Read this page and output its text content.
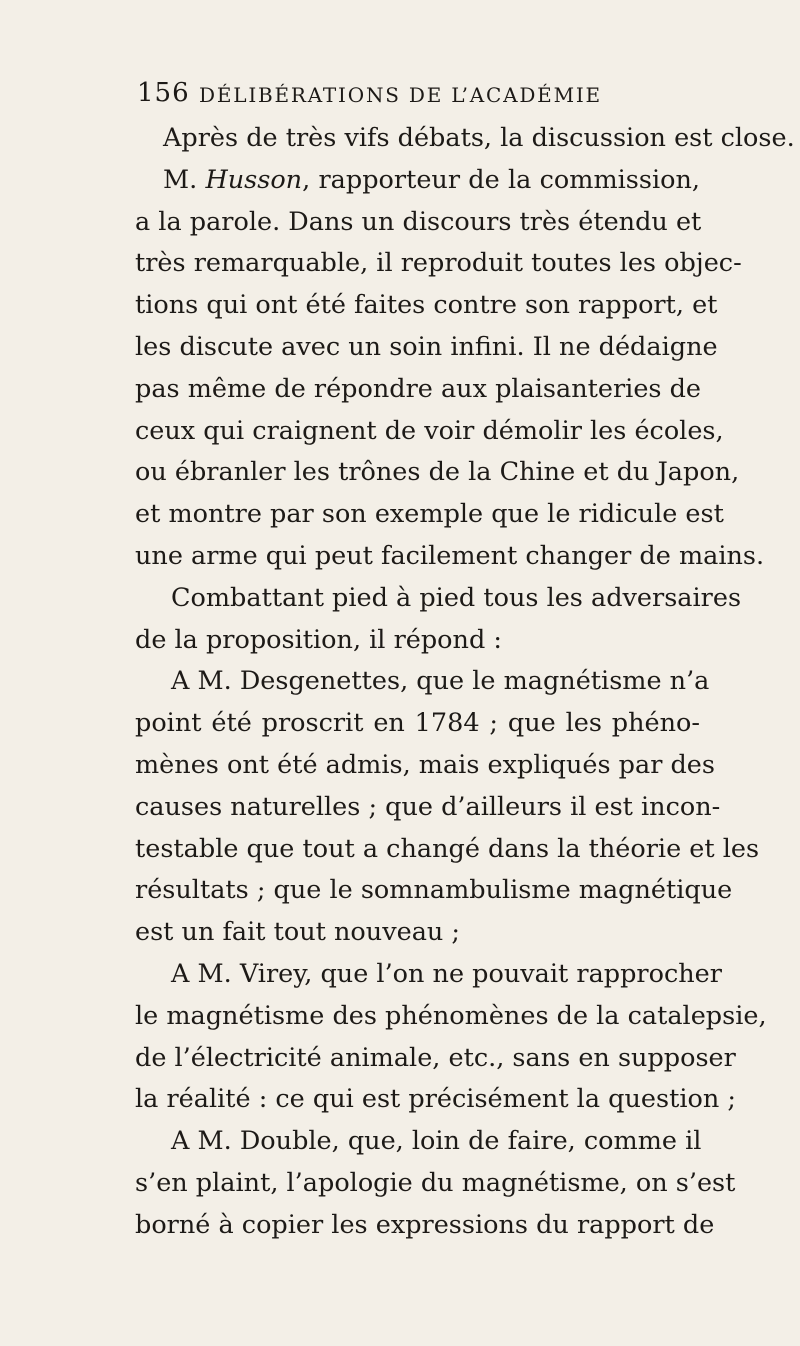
156 DÉLIBÉRATIONS DE L’ACADÉMIE
Après de très vifs débats, la discussion est close.
M. Husson, rapporteur de la commission,
a la parole. Dans un discours très étendu et
très remarquable, il reproduit toutes les objec-
tions qui ont été faites contre son rapport, et
les discute avec un soin infini. Il ne dédaigne
pas même de répondre aux plaisanteries de
ceux qui craignent de voir démolir les écoles,
ou ébranler les trônes de la Chine et du Japon,
et montre par son exemple que le ridicule est
une arme qui peut facilement changer de mains.
Combattant pied à pied tous les adversaires
de la proposition, il répond :
A M. Desgenettes, que le magnétisme n’a
point été proscrit en 1784 ; que les phéno-
mènes ont été admis, mais expliqués par des
causes naturelles ; que d’ailleurs il est incon-
testable que tout a changé dans la théorie et les
résultats ; que le somnambulisme magnétique
est un fait tout nouveau ;
A M. Virey, que l’on ne pouvait rapprocher
le magnétisme des phénomènes de la catalepsie,
de l’électricité animale, etc., sans en supposer
la réalité : ce qui est précisément la question ;
A M. Double, que, loin de faire, comme il
s’en plaint, l’apologie du magnétisme, on s’est
borné à copier les expressions du rapport de
